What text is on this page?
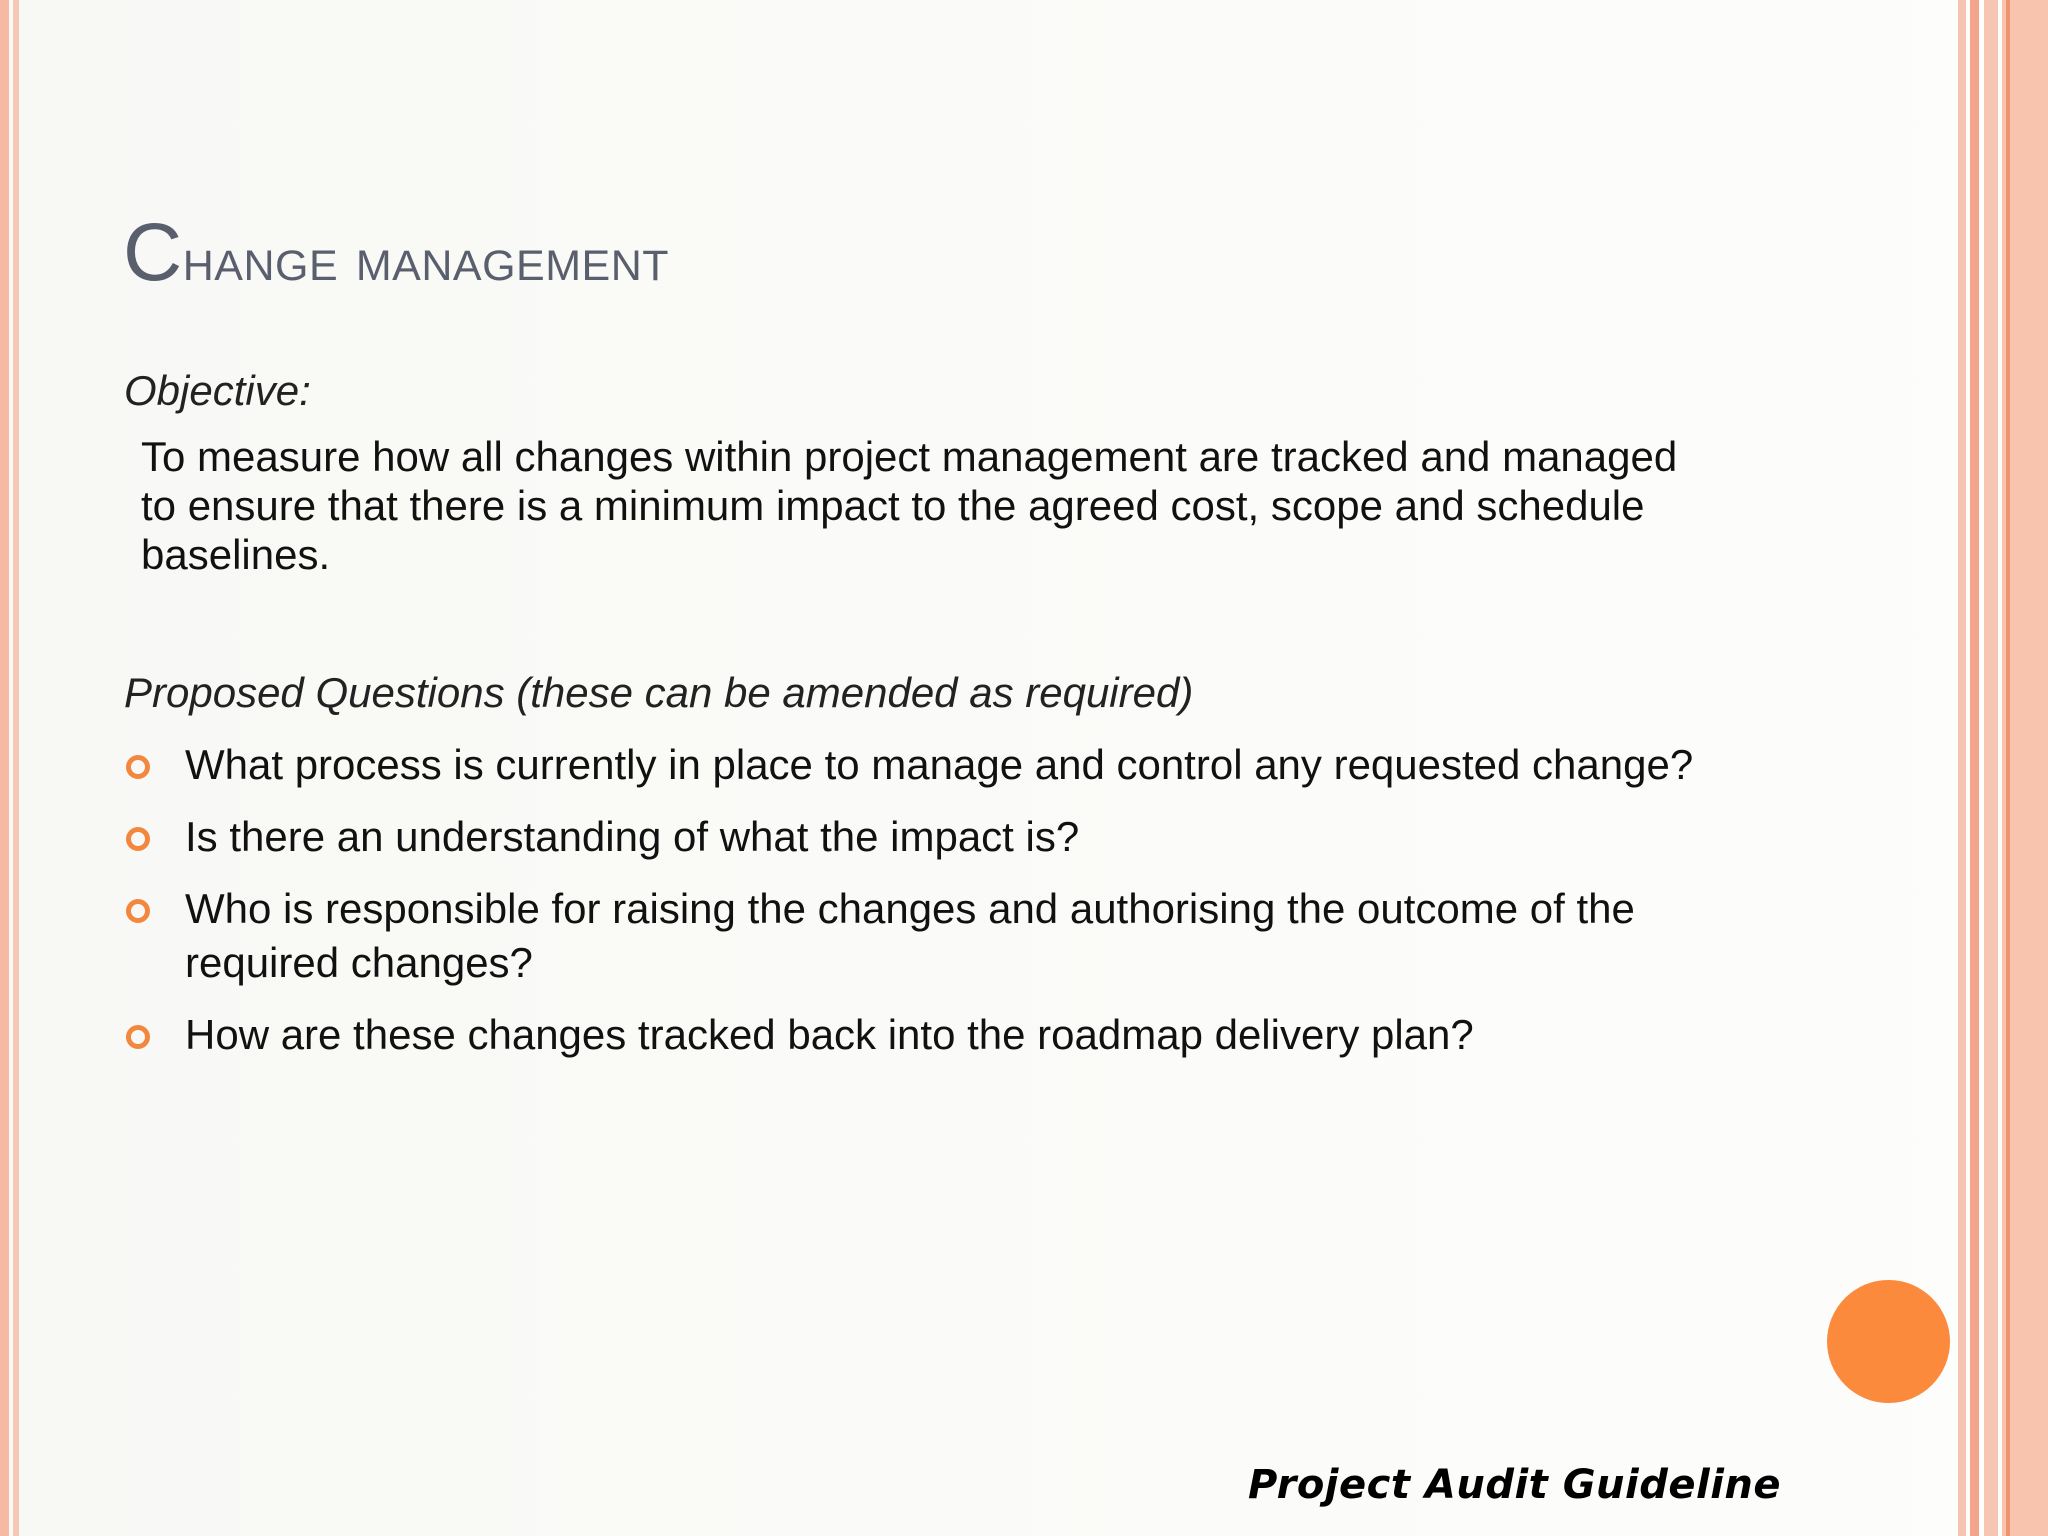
Change management
Objective:
To measure how all changes within project management are tracked and managed to ensure that there is a minimum impact to the agreed cost, scope and schedule baselines.
Proposed Questions (these can be amended as required)
What process is currently in place to manage and control any requested change?
Is there an understanding of what the impact is?
Who is responsible for raising the changes and authorising the outcome of the required changes?
How are these changes tracked back into the roadmap delivery plan?
Project Audit Guideline
